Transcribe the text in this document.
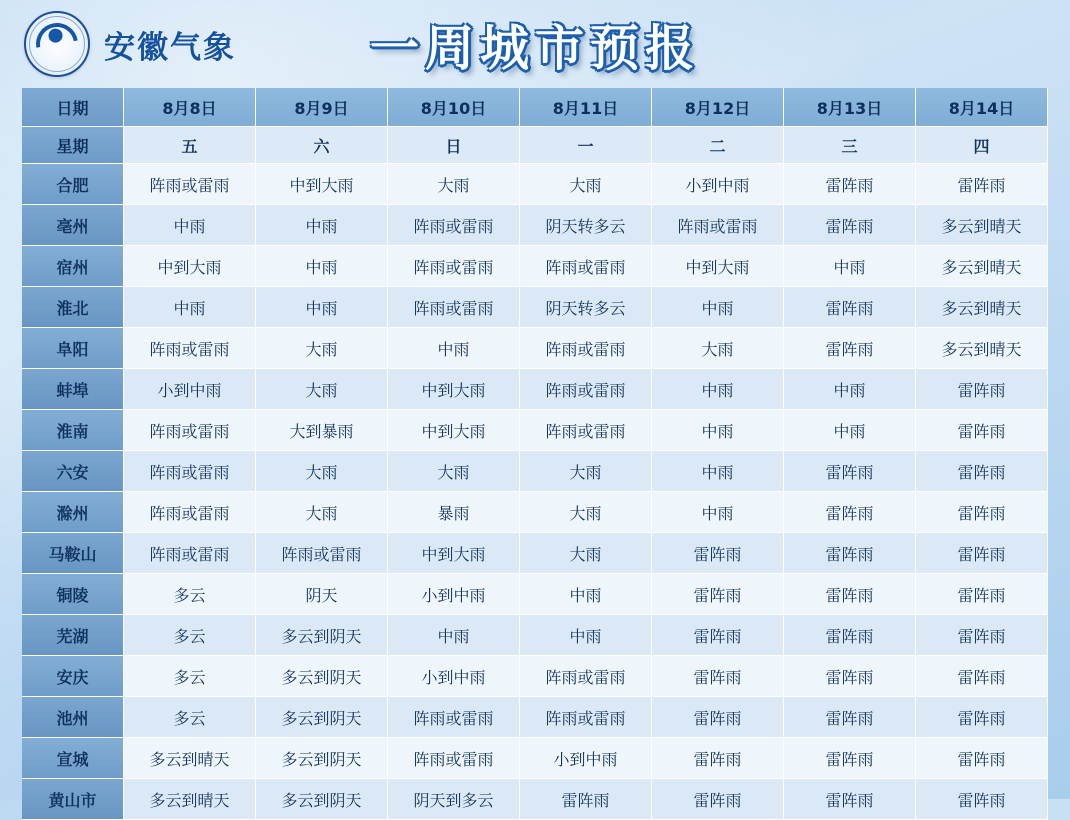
安徽气象	一周城市预报
日期	8月8日	8月9日	8月10日	8月11日	8月12日	8月13日	8月14日
星期	五	六	日	一	二	三	四
合肥	阵雨或雷雨	中到大雨	大雨	大雨	小到中雨	雷阵雨	雷阵雨
亳州	中雨	中雨	阵雨或雷雨	阴天转多云	阵雨或雷雨	雷阵雨	多云到晴天
宿州	中到大雨	中雨	阵雨或雷雨	阵雨或雷雨	中到大雨	中雨	多云到晴天
淮北	中雨	中雨	阵雨或雷雨	阴天转多云	中雨	雷阵雨	多云到晴天
阜阳	阵雨或雷雨	大雨	中雨	阵雨或雷雨	大雨	雷阵雨	多云到晴天
蚌埠	小到中雨	大雨	中到大雨	阵雨或雷雨	中雨	中雨	雷阵雨
淮南	阵雨或雷雨	大到暴雨	中到大雨	阵雨或雷雨	中雨	中雨	雷阵雨
六安	阵雨或雷雨	大雨	大雨	大雨	中雨	雷阵雨	雷阵雨
滁州	阵雨或雷雨	大雨	暴雨	大雨	中雨	雷阵雨	雷阵雨
马鞍山	阵雨或雷雨	阵雨或雷雨	中到大雨	大雨	雷阵雨	雷阵雨	雷阵雨
铜陵	多云	阴天	小到中雨	中雨	雷阵雨	雷阵雨	雷阵雨
芜湖	多云	多云到阴天	中雨	中雨	雷阵雨	雷阵雨	雷阵雨
安庆	多云	多云到阴天	小到中雨	阵雨或雷雨	雷阵雨	雷阵雨	雷阵雨
池州	多云	多云到阴天	阵雨或雷雨	阵雨或雷雨	雷阵雨	雷阵雨	雷阵雨
宣城	多云到晴天	多云到阴天	阵雨或雷雨	小到中雨	雷阵雨	雷阵雨	雷阵雨
黄山市	多云到晴天	多云到阴天	阴天到多云	雷阵雨	雷阵雨	雷阵雨	雷阵雨
